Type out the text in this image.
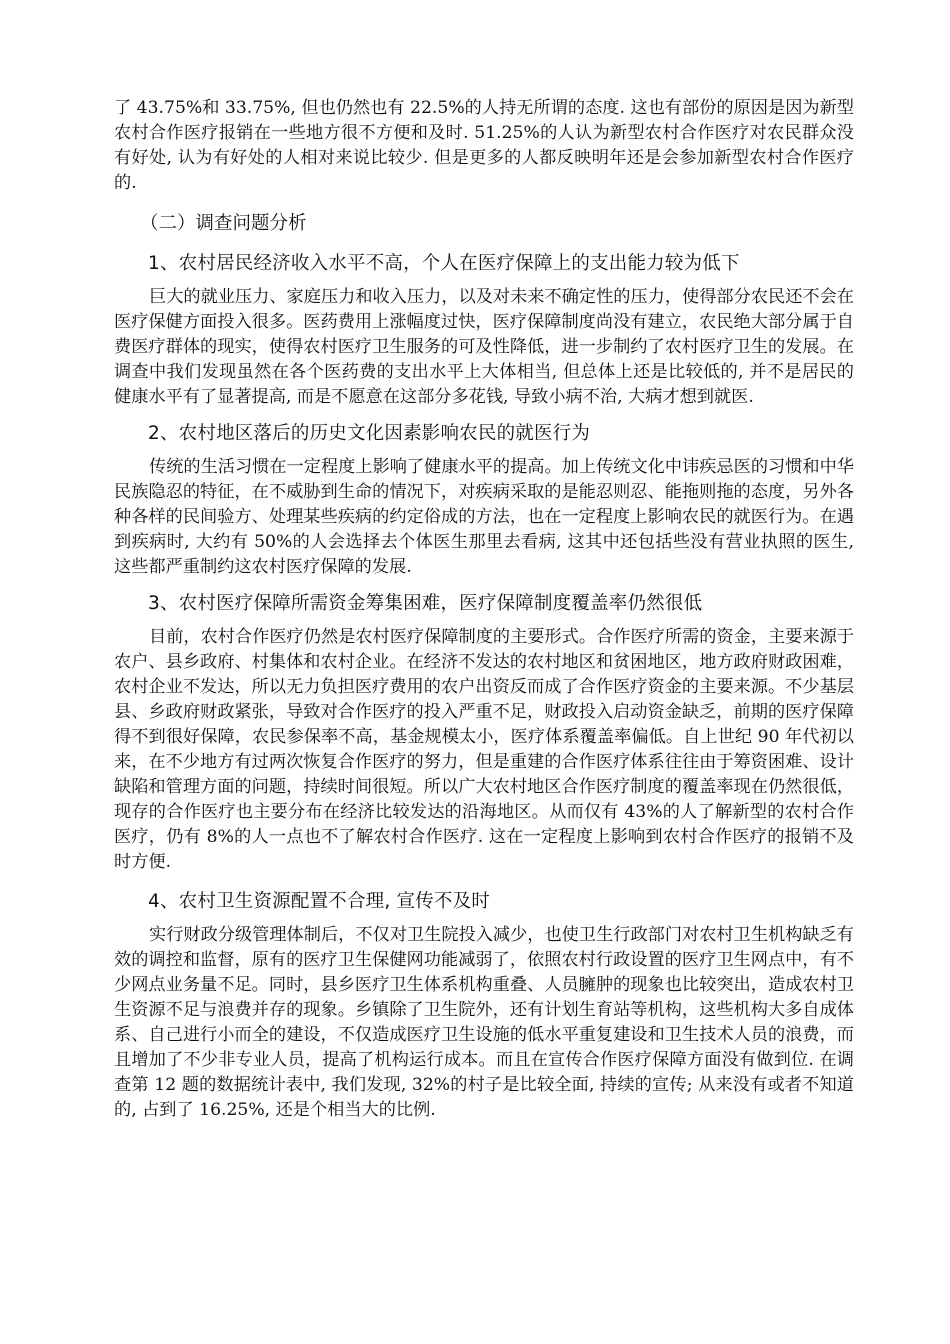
了 43.75%和 33.75%, 但也仍然也有 22.5%的人持无所谓的态度. 这也有部份的原因是因为新型农村合作医疗报销在一些地方很不方便和及时. 51.25%的人认为新型农村合作医疗对农民群众没有好处, 认为有好处的人相对来说比较少. 但是更多的人都反映明年还是会参加新型农村合作医疗的.

（二）调查问题分析
1、农村居民经济收入水平不高，个人在医疗保障上的支出能力较为低下

巨大的就业压力、家庭压力和收入压力，以及对未来不确定性的压力，使得部分农民还不会在医疗保健方面投入很多。医药费用上涨幅度过快，医疗保障制度尚没有建立，农民绝大部分属于自费医疗群体的现实，使得农村医疗卫生服务的可及性降低，进一步制约了农村医疗卫生的发展。在调查中我们发现虽然在各个医药费的支出水平上大体相当, 但总体上还是比较低的, 并不是居民的健康水平有了显著提高, 而是不愿意在这部分多花钱, 导致小病不治, 大病才想到就医.

2、农村地区落后的历史文化因素影响农民的就医行为

传统的生活习惯在一定程度上影响了健康水平的提高。加上传统文化中讳疾忌医的习惯和中华民族隐忍的特征，在不威胁到生命的情况下，对疾病采取的是能忍则忍、能拖则拖的态度，另外各种各样的民间验方、处理某些疾病的约定俗成的方法，也在一定程度上影响农民的就医行为。在遇到疾病时, 大约有 50%的人会选择去个体医生那里去看病, 这其中还包括些没有营业执照的医生, 这些都严重制约这农村医疗保障的发展.

3、农村医疗保障所需资金筹集困难，医疗保障制度覆盖率仍然很低

目前，农村合作医疗仍然是农村医疗保障制度的主要形式。合作医疗所需的资金，主要来源于农户、县乡政府、村集体和农村企业。在经济不发达的农村地区和贫困地区，地方政府财政困难，农村企业不发达，所以无力负担医疗费用的农户出资反而成了合作医疗资金的主要来源。不少基层县、乡政府财政紧张，导致对合作医疗的投入严重不足，财政投入启动资金缺乏，前期的医疗保障得不到很好保障，农民参保率不高，基金规模太小，医疗体系覆盖率偏低。自上世纪 90 年代初以来，在不少地方有过两次恢复合作医疗的努力，但是重建的合作医疗体系往往由于筹资困难、设计缺陷和管理方面的问题，持续时间很短。所以广大农村地区合作医疗制度的覆盖率现在仍然很低，现存的合作医疗也主要分布在经济比较发达的沿海地区。从而仅有 43%的人了解新型的农村合作医疗，仍有 8%的人一点也不了解农村合作医疗. 这在一定程度上影响到农村合作医疗的报销不及时方便.

4、农村卫生资源配置不合理, 宣传不及时

实行财政分级管理体制后，不仅对卫生院投入减少，也使卫生行政部门对农村卫生机构缺乏有效的调控和监督，原有的医疗卫生保健网功能减弱了，依照农村行政设置的医疗卫生网点中，有不少网点业务量不足。同时，县乡医疗卫生体系机构重叠、人员臃肿的现象也比较突出，造成农村卫生资源不足与浪费并存的现象。乡镇除了卫生院外，还有计划生育站等机构，这些机构大多自成体系、自己进行小而全的建设，不仅造成医疗卫生设施的低水平重复建设和卫生技术人员的浪费，而且增加了不少非专业人员，提高了机构运行成本。而且在宣传合作医疗保障方面没有做到位. 在调查第 12 题的数据统计表中, 我们发现, 32%的村子是比较全面, 持续的宣传; 从来没有或者不知道的, 占到了 16.25%, 还是个相当大的比例.
